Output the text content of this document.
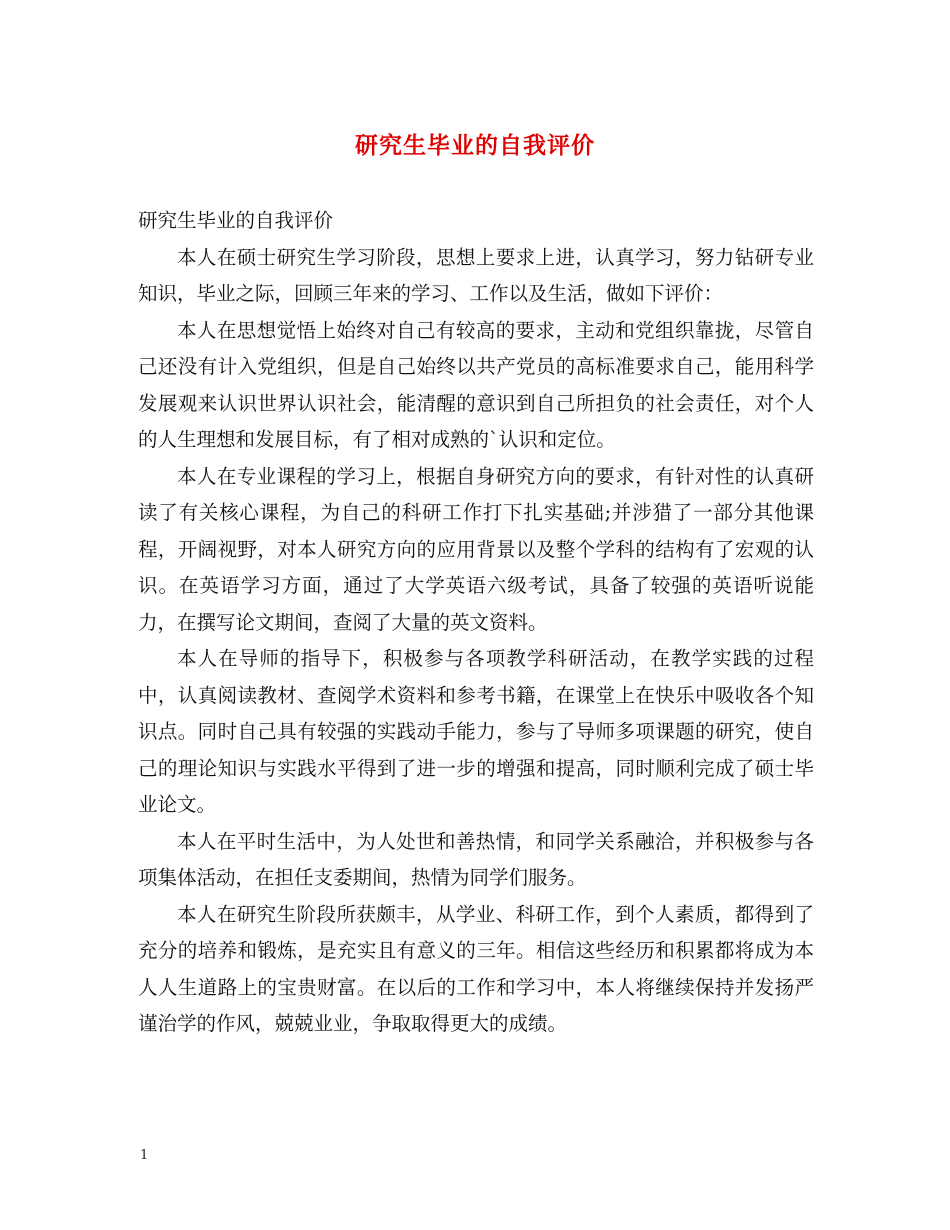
研究生毕业的自我评价

研究生毕业的自我评价

本人在硕士研究生学习阶段，思想上要求上进，认真学习，努力钻研专业知识，毕业之际，回顾三年来的学习、工作以及生活，做如下评价：

本人在思想觉悟上始终对自己有较高的要求，主动和党组织靠拢，尽管自己还没有计入党组织，但是自己始终以共产党员的高标准要求自己，能用科学发展观来认识世界认识社会，能清醒的意识到自己所担负的社会责任，对个人的人生理想和发展目标，有了相对成熟的`认识和定位。

本人在专业课程的学习上，根据自身研究方向的要求，有针对性的认真研读了有关核心课程，为自己的科研工作打下扎实基础;并涉猎了一部分其他课程，开阔视野，对本人研究方向的应用背景以及整个学科的结构有了宏观的认识。在英语学习方面，通过了大学英语六级考试，具备了较强的英语听说能力，在撰写论文期间，查阅了大量的英文资料。

本人在导师的指导下，积极参与各项教学科研活动，在教学实践的过程中，认真阅读教材、查阅学术资料和参考书籍，在课堂上在快乐中吸收各个知识点。同时自己具有较强的实践动手能力，参与了导师多项课题的研究，使自己的理论知识与实践水平得到了进一步的增强和提高，同时顺利完成了硕士毕业论文。

本人在平时生活中，为人处世和善热情，和同学关系融洽，并积极参与各项集体活动，在担任支委期间，热情为同学们服务。

本人在研究生阶段所获颇丰，从学业、科研工作，到个人素质，都得到了充分的培养和锻炼，是充实且有意义的三年。相信这些经历和积累都将成为本人人生道路上的宝贵财富。在以后的工作和学习中，本人将继续保持并发扬严谨治学的作风，兢兢业业，争取取得更大的成绩。

1
